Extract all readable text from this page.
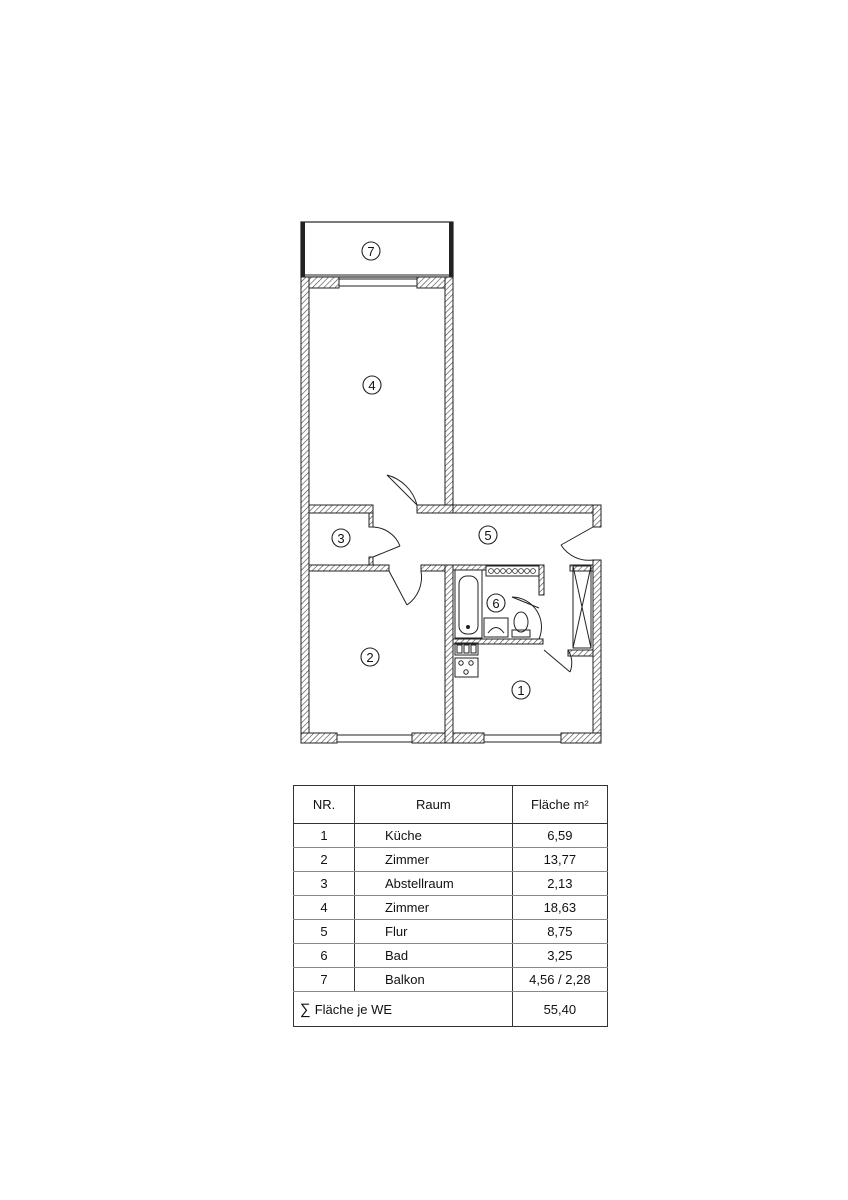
7
4
3	5
6
2
1
NR.	Raum	Fläche m²
1	Küche	6,59
2	Zimmer	13,77
3	Abstellraum	2,13
4	Zimmer	18,63
5	Flur	8,75
6	Bad	3,25
7	Balkon	4,56 / 2,28
∑ Fläche je WE		55,40
